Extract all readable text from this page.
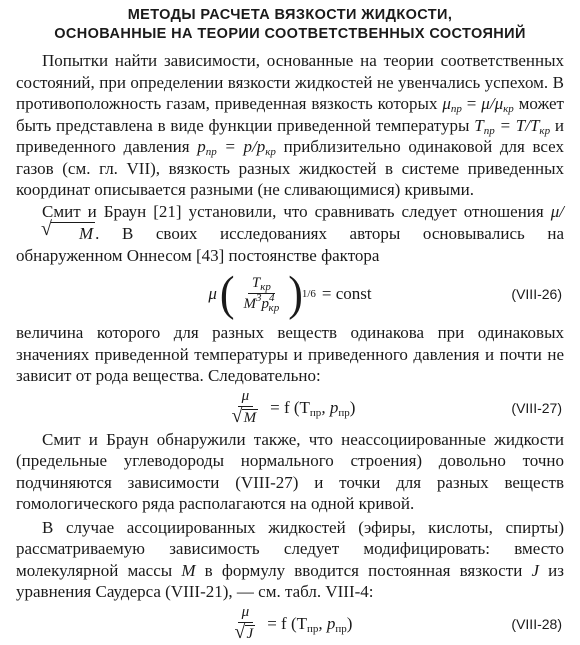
МЕТОДЫ РАСЧЕТА ВЯЗКОСТИ ЖИДКОСТИ,
ОСНОВАННЫЕ НА ТЕОРИИ СООТВЕТСТВЕННЫХ СОСТОЯНИЙ

Попытки найти зависимости, основанные на теории соответственных состояний, при определении вязкости жидкостей не увенчались успехом. В противоположность газам, приведенная вязкость которых $\mu_{пр} = \mu/\mu_{кр}$ может быть представлена в виде функции приведенной температуры $T_{пр} = T/T_{кр}$ и приведенного давления $p_{пр} = p/p_{кр}$ приблизительно одинаковой для всех газов (см. гл. VII), вязкость разных жидкостей в системе приведенных координат описывается разными (не сливающимися) кривыми.

Смит и Браун [21] установили, что сравнивать следует отношения μ/√ M . В своих исследованиях авторы основывались на обнаруженном Оннесом [43] постоянстве фактора

μ ( $\frac{T_{кр}}{M^3p^4_{кр}}$ ) 1/6 = const	(VIII-26)

величина которого для разных веществ одинакова при одинаковых значениях приведенной температуры и приведенного давления и почти не зависит от рода вещества. Следовательно:

μ
√ M = f ($T_{пр}$, $p_{пр}$)	(VIII-27)

Смит и Браун обнаружили также, что неассоциированные жидкости (предельные углеводороды нормального строения) довольно точно подчиняются зависимости (VIII-27) и точки для разных веществ гомологического ряда располагаются на одной кривой.

В случае ассоциированных жидкостей (эфиры, кислоты, спирты) рассматриваемую зависимость следует модифицировать: вместо молекулярной массы M в формулу вводится постоянная вязкости J из уравнения Саудерса (VIII-21), — см. табл. VIII-4:

μ
√ J = f ($T_{пр}$, $p_{пр}$)	(VIII-28)
